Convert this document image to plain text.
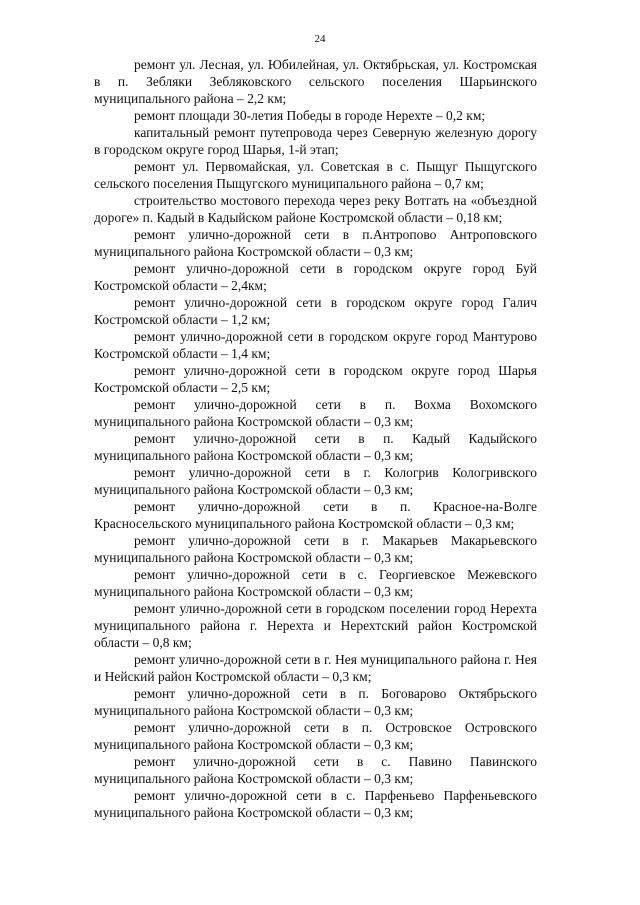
24

ремонт ул. Лесная, ул. Юбилейная, ул. Октябрьская, ул. Костромская в п. Зебляки Зебляковского сельского поселения Шарьинского муниципального района – 2,2 км;

ремонт площади 30-летия Победы в городе Нерехте – 0,2 км;

капитальный ремонт путепровода через Северную железную дорогу в городском округе город Шарья, 1-й этап;

ремонт ул. Первомайская, ул. Советская в с. Пыщуг Пыщугского сельского поселения Пыщугского муниципального района – 0,7 км;

строительство мостового перехода через реку Вотгать на «объездной дороге» п. Кадый в Кадыйском районе Костромской области – 0,18 км;

ремонт улично-дорожной сети в п.Антропово Антроповского муниципального района Костромской области – 0,3 км;

ремонт улично-дорожной сети в городском округе город Буй Костромской области – 2,4км;

ремонт улично-дорожной сети в городском округе город Галич Костромской области – 1,2 км;

ремонт улично-дорожной сети в городском округе город Мантурово Костромской области – 1,4 км;

ремонт улично-дорожной сети в городском округе город Шарья Костромской области – 2,5 км;

ремонт улично-дорожной сети в п. Вохма Вохомского муниципального района Костромской области – 0,3 км;

ремонт улично-дорожной сети в п. Кадый Кадыйского муниципального района Костромской области – 0,3 км;

ремонт улично-дорожной сети в г. Кологрив Кологривского муниципального района Костромской области – 0,3 км;

ремонт улично-дорожной сети в п. Красное-на-Волге Красносельского муниципального района Костромской области – 0,3 км;

ремонт улично-дорожной сети в г. Макарьев Макарьевского муниципального района Костромской области – 0,3 км;

ремонт улично-дорожной сети в с. Георгиевское Межевского муниципального района Костромской области – 0,3 км;

ремонт улично-дорожной сети в городском поселении город Нерехта муниципального района г. Нерехта и Нерехтский район Костромской области – 0,8 км;

ремонт улично-дорожной сети в г. Нея муниципального района г. Нея и Нейский район Костромской области – 0,3 км;

ремонт улично-дорожной сети в п. Боговарово Октябрьского муниципального района Костромской области – 0,3 км;

ремонт улично-дорожной сети в п. Островское Островского муниципального района Костромской области – 0,3 км;

ремонт улично-дорожной сети в с. Павино Павинского муниципального района Костромской области – 0,3 км;

ремонт улично-дорожной сети в с. Парфеньево Парфеньевского муниципального района Костромской области – 0,3 км;
